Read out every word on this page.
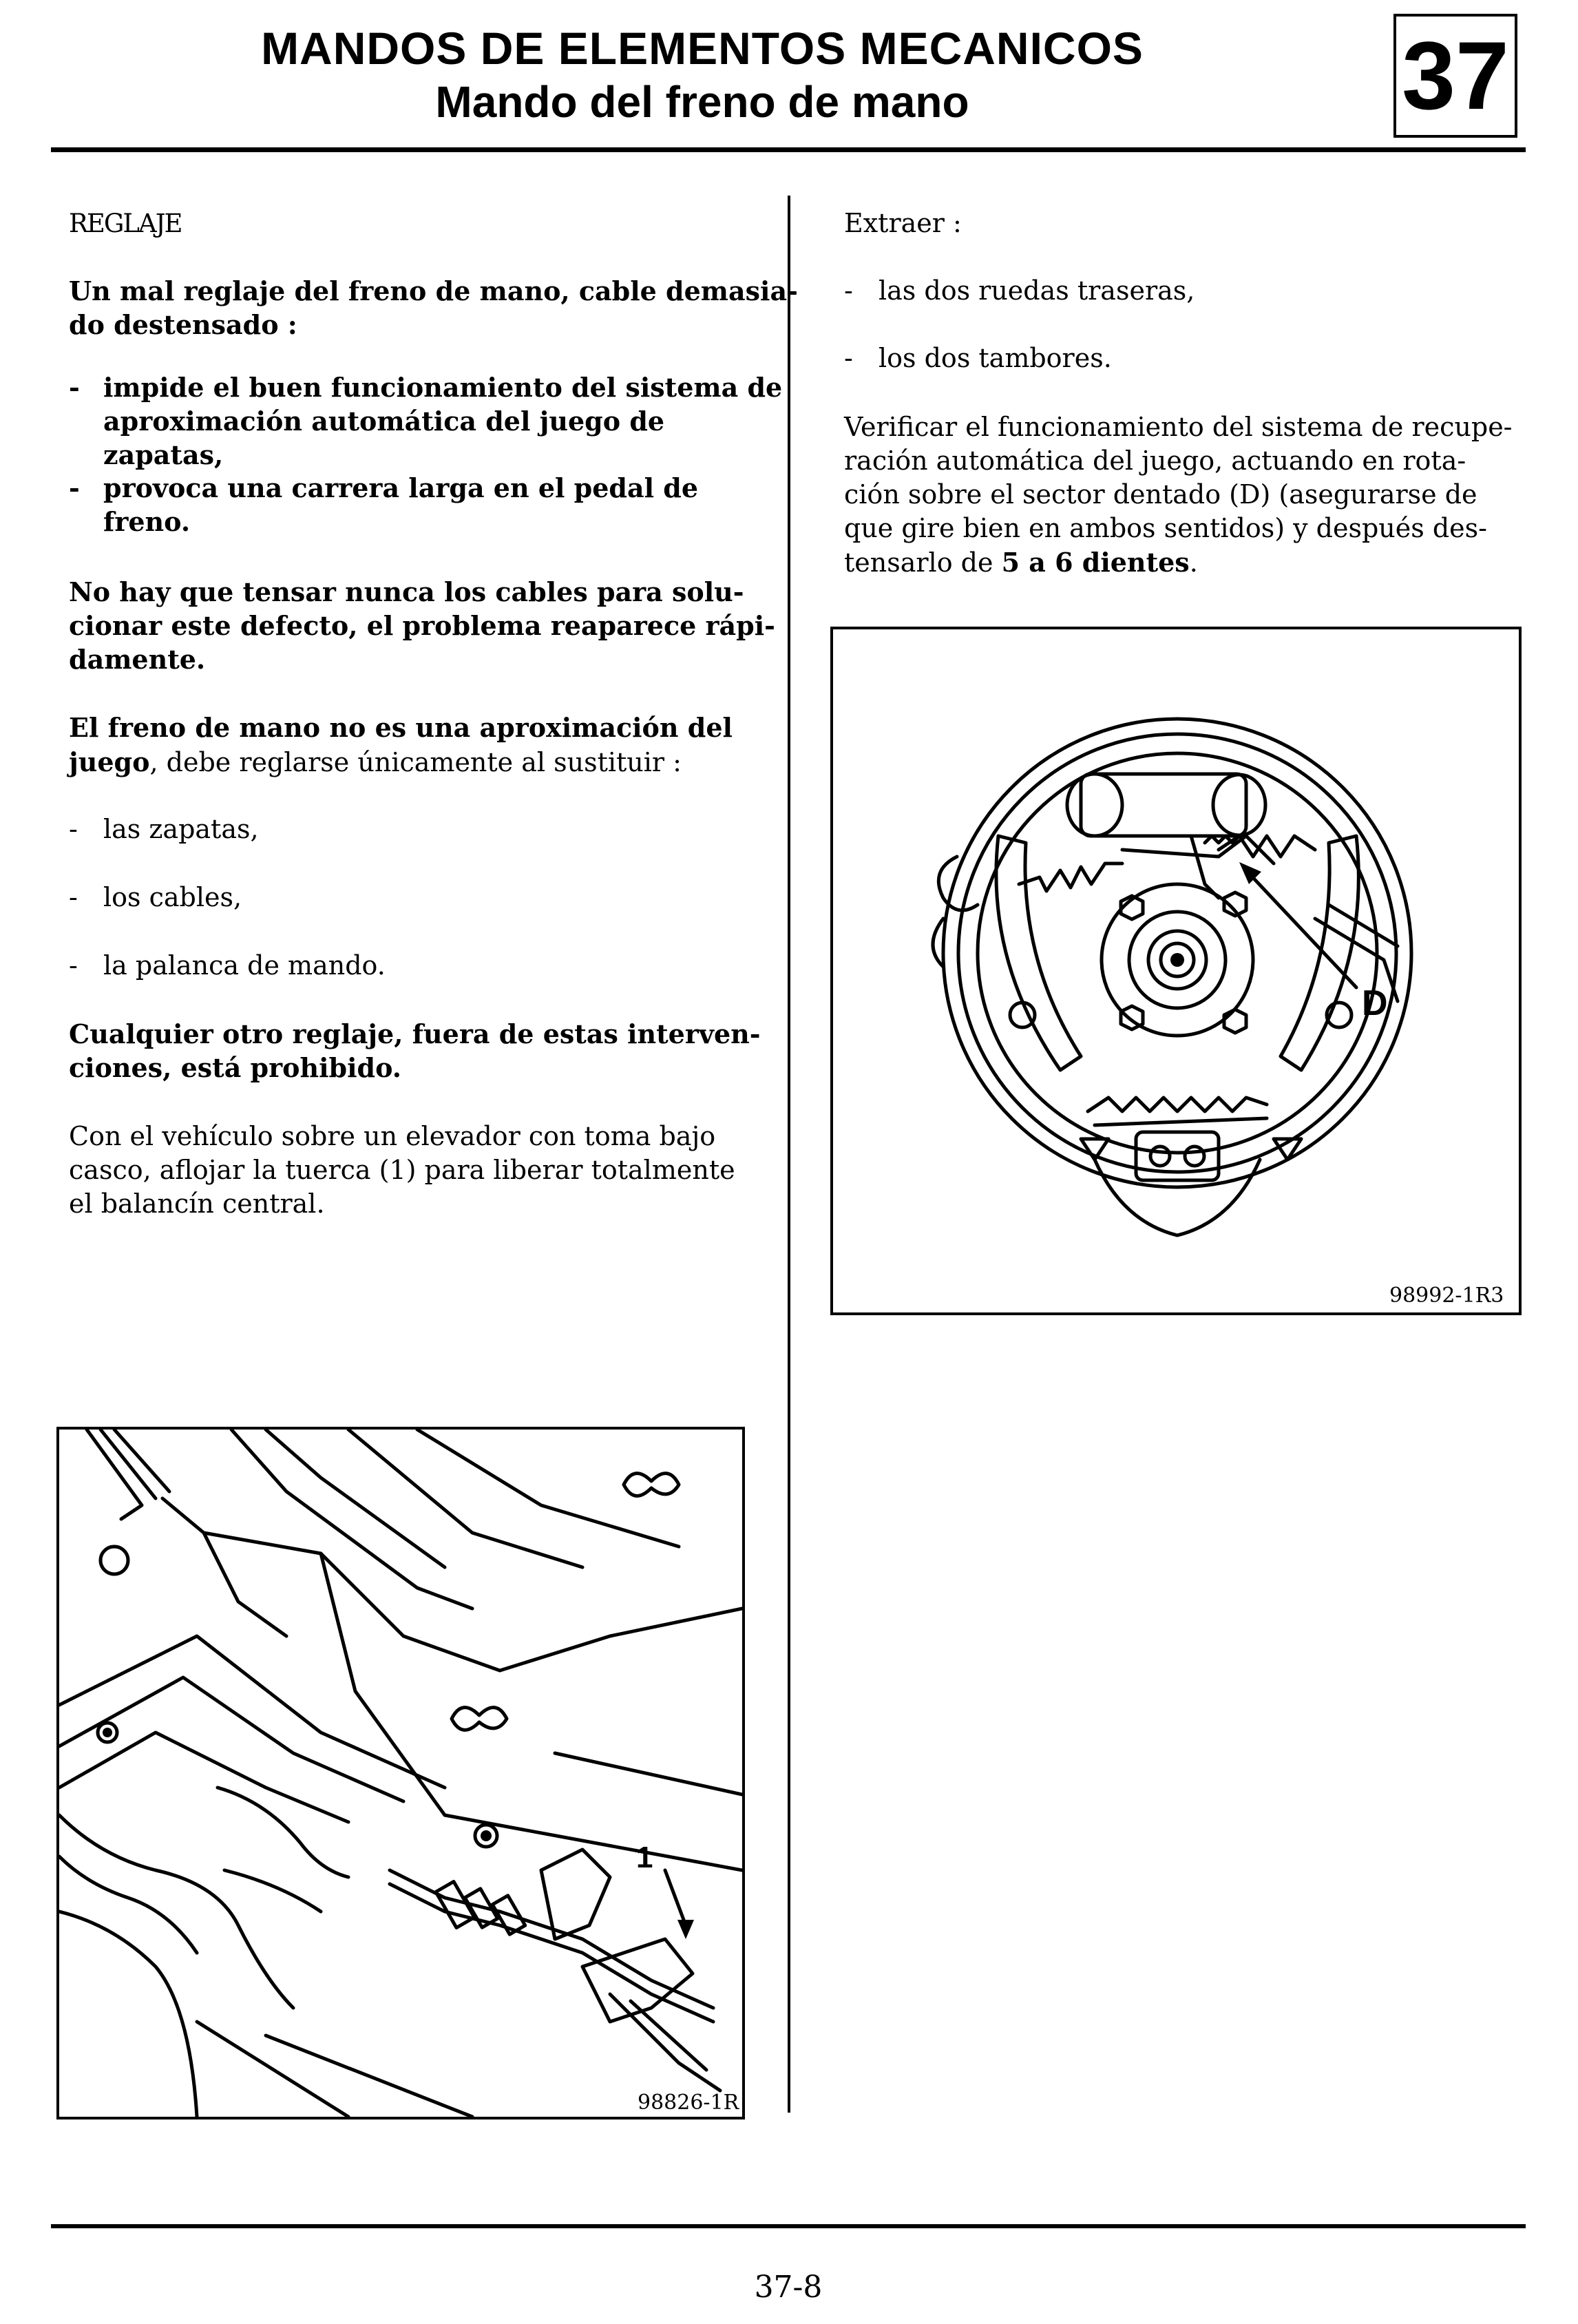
MANDOS DE ELEMENTOS MECANICOS
Mando del freno de mano	37

REGLAJE

Un mal reglaje del freno de mano, cable demasia-
do destensado :

- impide el buen funcionamiento del sistema de
aproximación automática del juego de zapatas,
- provoca una carrera larga en el pedal de freno.

No hay que tensar nunca los cables para solu-
cionar este defecto, el problema reaparece rápi-
damente.

El freno de mano no es una aproximación del
juego, debe reglarse únicamente al sustituir :

- las zapatas,
- los cables,
- la palanca de mando.

Cualquier otro reglaje, fuera de estas interven-
ciones, está prohibido.

Con el vehículo sobre un elevador con toma bajo
casco, aflojar la tuerca (1) para liberar totalmente
el balancín central.

1
98826-1R

Extraer :

- las dos ruedas traseras,
- los dos tambores.

Verificar el funcionamiento del sistema de recupe-
ración automática del juego, actuando en rota-
ción sobre el sector dentado (D) (asegurarse de
que gire bien en ambos sentidos) y después des-
tensarlo de 5 a 6 dientes.

D
98992-1R3
37-8
